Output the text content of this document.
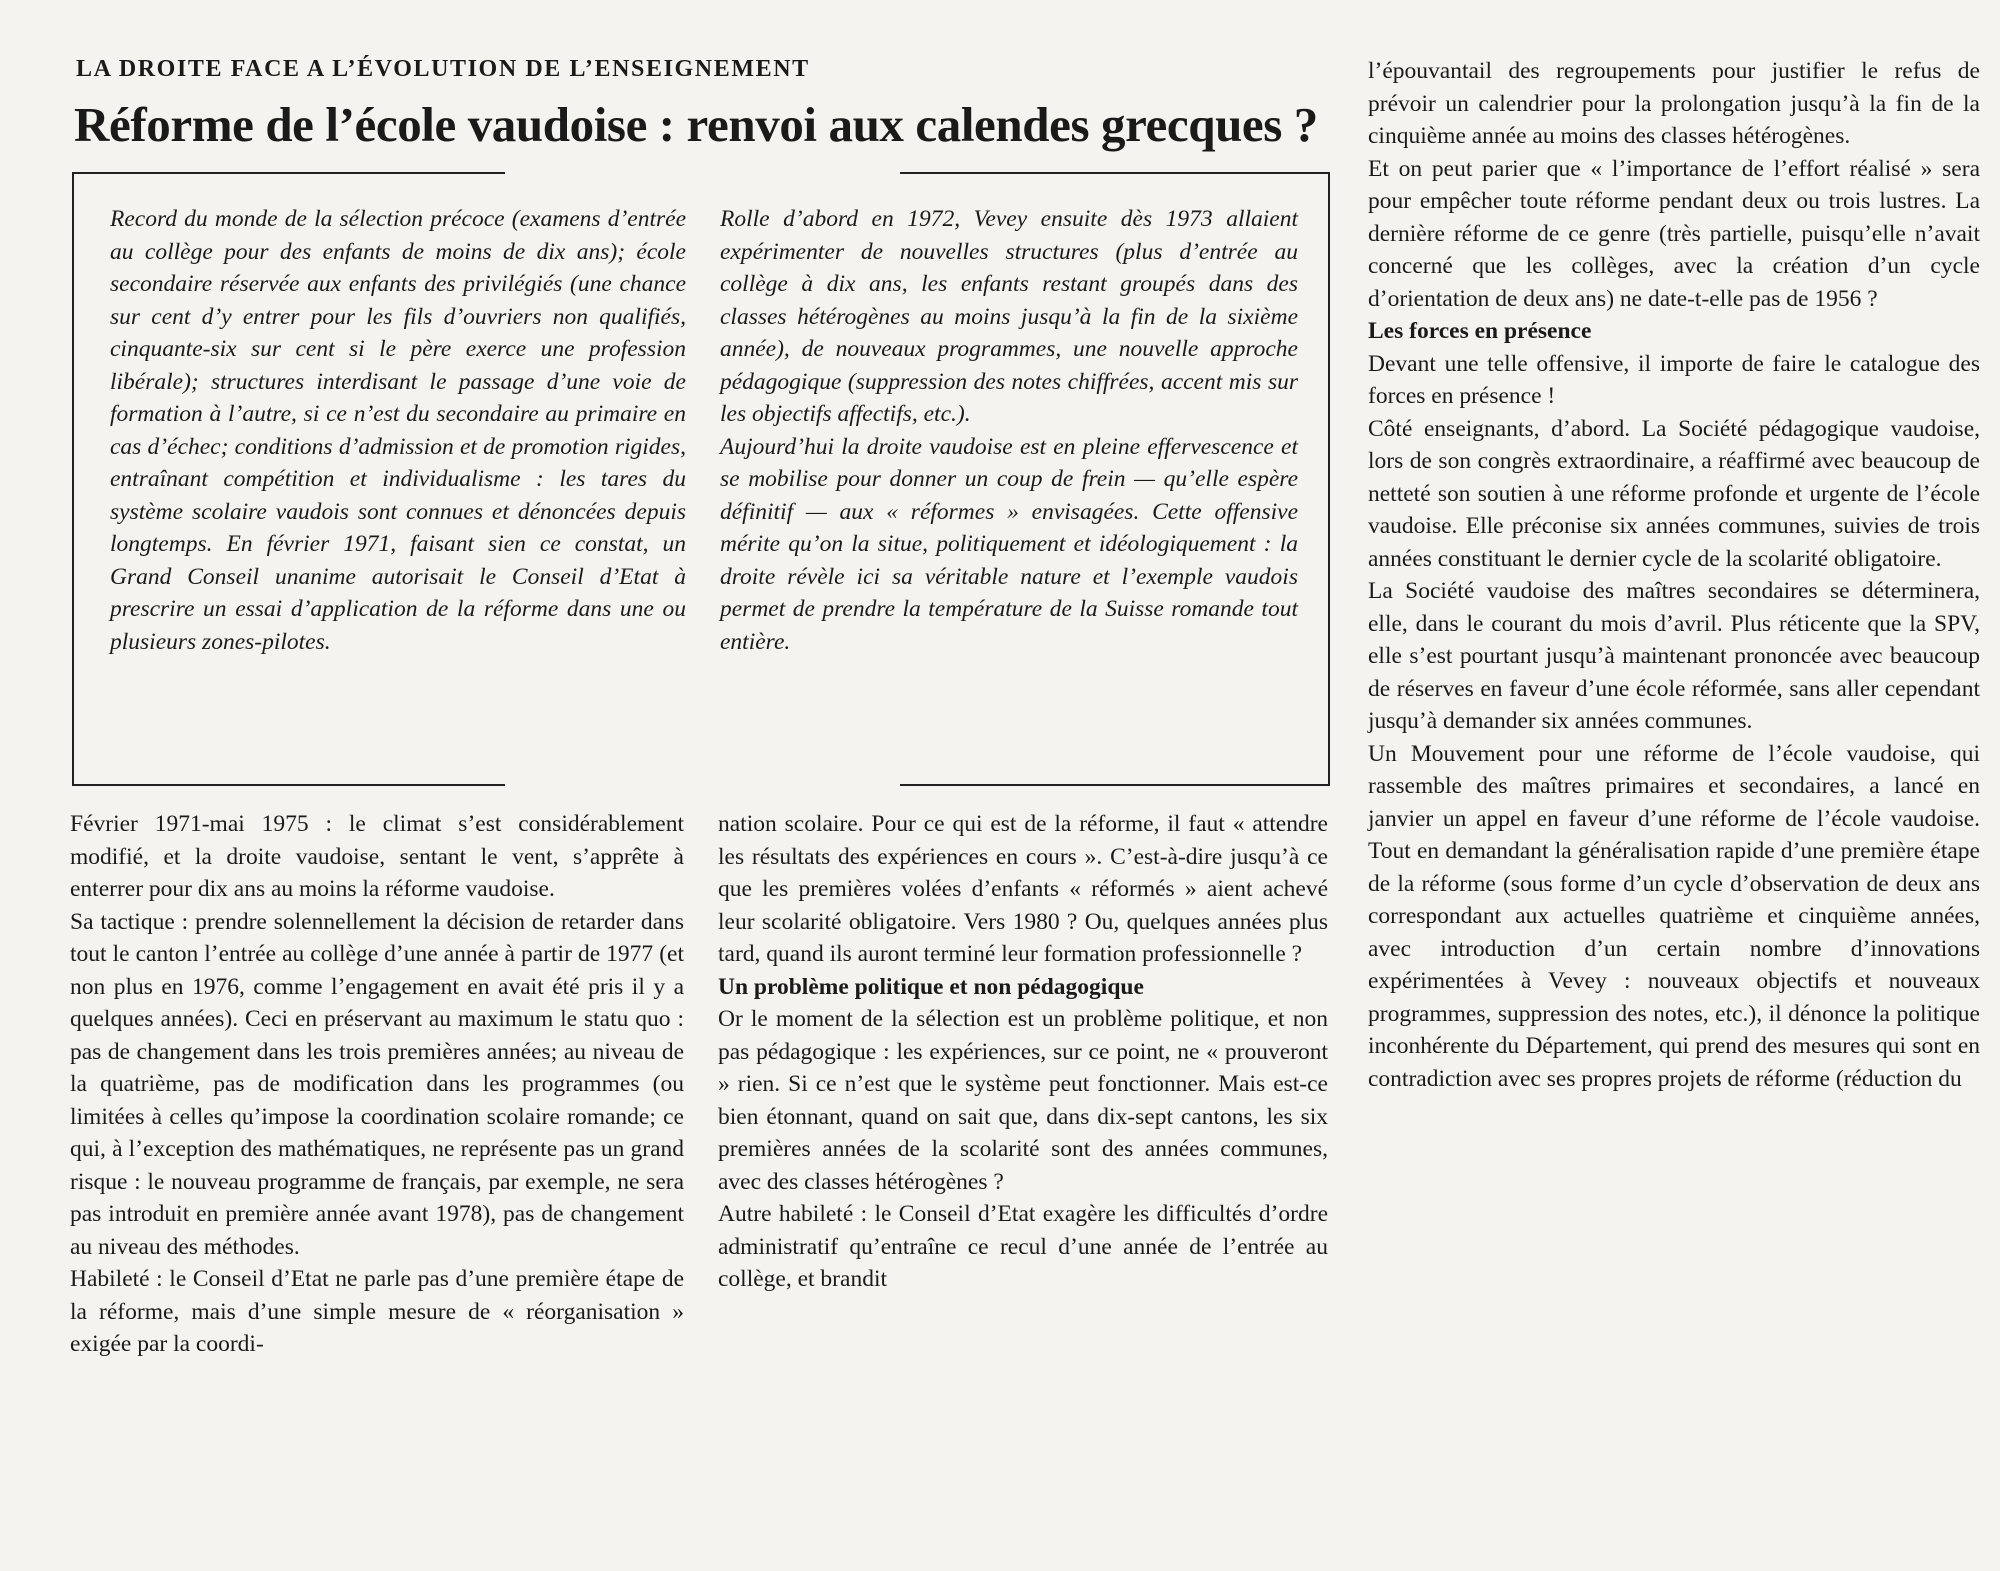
LA DROITE FACE A L’ÉVOLUTION DE L’ENSEIGNEMENT
Réforme de l’école vaudoise : renvoi aux calendes grecques ?

Record du monde de la sélection précoce (examens d’entrée au collège pour des enfants de moins de dix ans); école secondaire réservée aux enfants des privilégiés (une chance sur cent d’y entrer pour les fils d’ouvriers non qualifiés, cinquante-six sur cent si le père exerce une profession libérale); structures interdisant le passage d’une voie de formation à l’autre, si ce n’est du secondaire au primaire en cas d’échec; conditions d’admission et de promotion rigides, entraînant compétition et individualisme : les tares du système scolaire vaudois sont connues et dénoncées depuis longtemps. En février 1971, faisant sien ce constat, un Grand Conseil unanime autorisait le Conseil d’Etat à prescrire un essai d’application de la réforme dans une ou plusieurs zones-pilotes.

Rolle d’abord en 1972, Vevey ensuite dès 1973 allaient expérimenter de nouvelles structures (plus d’entrée au collège à dix ans, les enfants restant groupés dans des classes hétérogènes au moins jusqu’à la fin de la sixième année), de nouveaux programmes, une nouvelle approche pédagogique (suppression des notes chiffrées, accent mis sur les objectifs affectifs, etc.).

Aujourd’hui la droite vaudoise est en pleine effervescence et se mobilise pour donner un coup de frein — qu’elle espère définitif — aux « réformes » envisagées. Cette offensive mérite qu’on la situe, politiquement et idéologiquement : la droite révèle ici sa véritable nature et l’exemple vaudois permet de prendre la température de la Suisse romande tout entière.

Février 1971-mai 1975 : le climat s’est considérablement modifié, et la droite vaudoise, sentant le vent, s’apprête à enterrer pour dix ans au moins la réforme vaudoise.

Sa tactique : prendre solennellement la décision de retarder dans tout le canton l’entrée au collège d’une année à partir de 1977 (et non plus en 1976, comme l’engagement en avait été pris il y a quelques années). Ceci en préservant au maximum le statu quo : pas de changement dans les trois premières années; au niveau de la quatrième, pas de modification dans les programmes (ou limitées à celles qu’impose la coordination scolaire romande; ce qui, à l’exception des mathématiques, ne représente pas un grand risque : le nouveau programme de français, par exemple, ne sera pas introduit en première année avant 1978), pas de changement au niveau des méthodes.

Habileté : le Conseil d’Etat ne parle pas d’une première étape de la réforme, mais d’une simple mesure de « réorganisation » exigée par la coordi-

nation scolaire. Pour ce qui est de la réforme, il faut « attendre les résultats des expériences en cours ». C’est-à-dire jusqu’à ce que les premières volées d’enfants « réformés » aient achevé leur scolarité obligatoire. Vers 1980 ? Ou, quelques années plus tard, quand ils auront terminé leur formation professionnelle ?

Un problème politique et non pédagogique

Or le moment de la sélection est un problème politique, et non pas pédagogique : les expériences, sur ce point, ne « prouveront » rien. Si ce n’est que le système peut fonctionner. Mais est-ce bien étonnant, quand on sait que, dans dix-sept cantons, les six premières années de la scolarité sont des années communes, avec des classes hétérogènes ?

Autre habileté : le Conseil d’Etat exagère les difficultés d’ordre administratif qu’entraîne ce recul d’une année de l’entrée au collège, et brandit

l’épouvantail des regroupements pour justifier le refus de prévoir un calendrier pour la prolongation jusqu’à la fin de la cinquième année au moins des classes hétérogènes.

Et on peut parier que « l’importance de l’effort réalisé » sera pour empêcher toute réforme pendant deux ou trois lustres. La dernière réforme de ce genre (très partielle, puisqu’elle n’avait concerné que les collèges, avec la création d’un cycle d’orientation de deux ans) ne date-t-elle pas de 1956 ?

Les forces en présence

Devant une telle offensive, il importe de faire le catalogue des forces en présence !

Côté enseignants, d’abord. La Société pédagogique vaudoise, lors de son congrès extraordinaire, a réaffirmé avec beaucoup de netteté son soutien à une réforme profonde et urgente de l’école vaudoise. Elle préconise six années communes, suivies de trois années constituant le dernier cycle de la scolarité obligatoire.

La Société vaudoise des maîtres secondaires se déterminera, elle, dans le courant du mois d’avril. Plus réticente que la SPV, elle s’est pourtant jusqu’à maintenant prononcée avec beaucoup de réserves en faveur d’une école réformée, sans aller cependant jusqu’à demander six années communes.

Un Mouvement pour une réforme de l’école vaudoise, qui rassemble des maîtres primaires et secondaires, a lancé en janvier un appel en faveur d’une réforme de l’école vaudoise. Tout en demandant la généralisation rapide d’une première étape de la réforme (sous forme d’un cycle d’observation de deux ans correspondant aux actuelles quatrième et cinquième années, avec introduction d’un certain nombre d’innovations expérimentées à Vevey : nouveaux objectifs et nouveaux programmes, suppression des notes, etc.), il dénonce la politique inconhérente du Département, qui prend des mesures qui sont en contradiction avec ses propres projets de réforme (réduction du
